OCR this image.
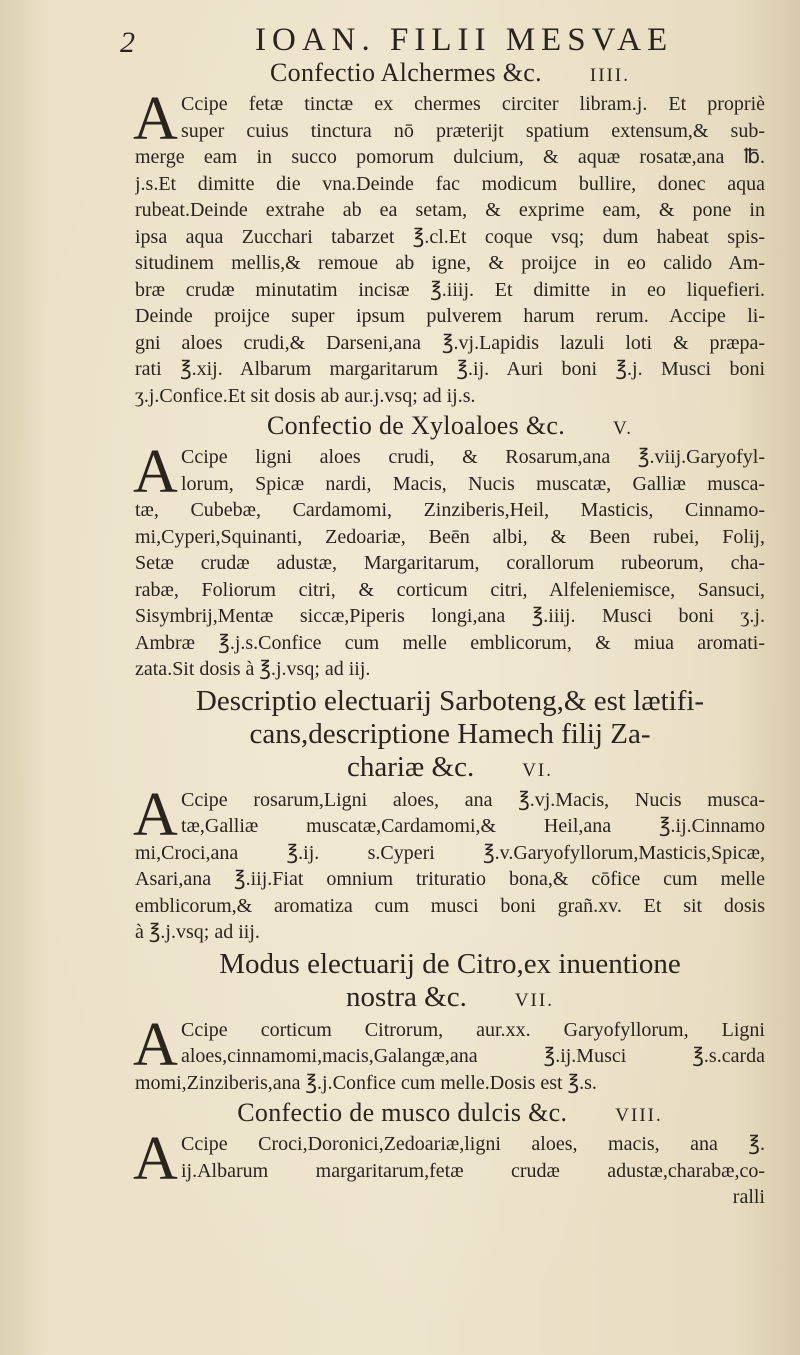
2	IOAN. FILII MESVAE
Confectio Alchermes &c.	IIII.
A Ccipe fetæ tinctæ ex chermes circiter libram.j. Et propriè
super cuius tinctura nō præterijt spatium extensum,& sub-
merge eam in succo pomorum dulcium, & aquæ rosatæ,ana ℔.
j.s.Et dimitte die vna.Deinde fac modicum bullire, donec aqua
rubeat.Deinde extrahe ab ea setam, & exprime eam, & pone in
ipsa aqua Zucchari tabarzet ℥.cl.Et coque vsq; dum habeat spis-
situdinem mellis,& remoue ab igne, & proijce in eo calido Am-
bræ crudæ minutatim incisæ ℥.iiij. Et dimitte in eo liquefieri.
Deinde proijce super ipsum pulverem harum rerum. Accipe li-
gni aloes crudi,& Darseni,ana ℥.vj.Lapidis lazuli loti & præpa-
rati ℥.xij. Albarum margaritarum ℥.ij. Auri boni ℥.j. Musci boni
ʒ.j.Confice.Et sit dosis ab aur.j.vsq; ad ij.s.
Confectio de Xyloaloes &c.	V.
A Ccipe ligni aloes crudi, & Rosarum,ana ℥.viij.Garyofyl-
lorum, Spicæ nardi, Macis, Nucis muscatæ, Galliæ musca-
tæ, Cubebæ, Cardamomi, Zinziberis,Heil, Masticis, Cinnamo-
mi,Cyperi,Squinanti, Zedoariæ, Beēn albi, & Been rubei, Folij,
Setæ crudæ adustæ, Margaritarum, corallorum rubeorum, cha-
rabæ, Foliorum citri, & corticum citri, Alfeleniemisce, Sansuci,
Sisymbrij,Mentæ siccæ,Piperis longi,ana ℥.iiij. Musci boni ʒ.j.
Ambræ ℥.j.s.Confice cum melle emblicorum, & miua aromati-
zata.Sit dosis à ℥.j.vsq; ad iij.
Descriptio electuarij Sarboteng,& est lætifi-
cans,descriptione Hamech filij Za-
chariæ &c.	VI.
A Ccipe rosarum,Ligni aloes, ana ℥.vj.Macis, Nucis musca-
tæ,Galliæ muscatæ,Cardamomi,& Heil,ana ℥.ij.Cinnamo
mi,Croci,ana ℥.ij. s.Cyperi ℥.v.Garyofyllorum,Masticis,Spicæ,
Asari,ana ℥.iij.Fiat omnium trituratio bona,& cōfice cum melle
emblicorum,& aromatiza cum musci boni grañ.xv. Et sit dosis
à ℥.j.vsq; ad iij.
Modus electuarij de Citro,ex inuentione
nostra &c.	VII.
A Ccipe corticum Citrorum, aur.xx. Garyofyllorum, Ligni
aloes,cinnamomi,macis,Galangæ,ana ℥.ij.Musci ℥.s.carda
momi,Zinziberis,ana ℥.j.Confice cum melle.Dosis est ℥.s.
Confectio de musco dulcis &c.	VIII.
A Ccipe Croci,Doronici,Zedoariæ,ligni aloes, macis, ana ℥.
ij.Albarum margaritarum,fetæ crudæ adustæ,charabæ,co-
ralli
